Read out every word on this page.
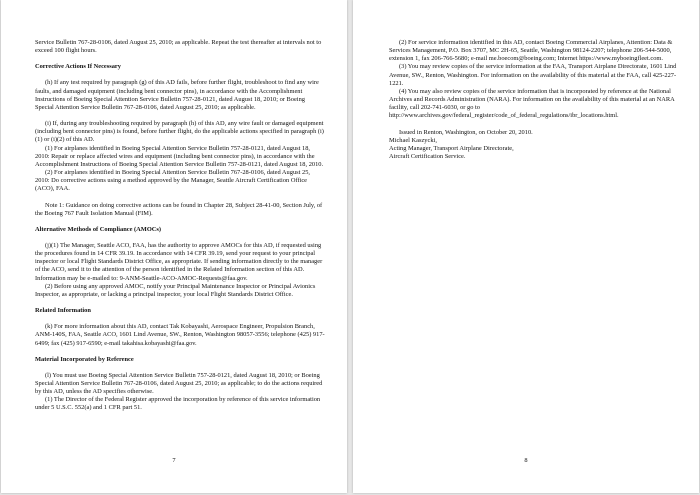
Service Bulletin 767-28-0106, dated August 25, 2010; as applicable. Repeat the test thereafter at intervals not to exceed 100 flight hours.

Corrective Actions If Necessary

(h) If any test required by paragraph (g) of this AD fails, before further flight, troubleshoot to find any wire faults, and damaged equipment (including bent connector pins), in accordance with the Accomplishment Instructions of Boeing Special Attention Service Bulletin 757-28-0121, dated August 18, 2010; or Boeing Special Attention Service Bulletin 767-28-0106, dated August 25, 2010; as applicable.

(i) If, during any troubleshooting required by paragraph (h) of this AD, any wire fault or damaged equipment (including bent connector pins) is found, before further flight, do the applicable actions specified in paragraph (i)(1) or (i)(2) of this AD.

(1) For airplanes identified in Boeing Special Attention Service Bulletin 757-28-0121, dated August 18, 2010: Repair or replace affected wires and equipment (including bent connector pins), in accordance with the Accomplishment Instructions of Boeing Special Attention Service Bulletin 757-28-0121, dated August 18, 2010.

(2) For airplanes identified in Boeing Special Attention Service Bulletin 767-28-0106, dated August 25, 2010: Do corrective actions using a method approved by the Manager, Seattle Aircraft Certification Office (ACO), FAA.

Note 1: Guidance on doing corrective actions can be found in Chapter 28, Subject 28-41-00, Section July, of the Boeing 767 Fault Isolation Manual (FIM).

Alternative Methods of Compliance (AMOCs)

(j)(1) The Manager, Seattle ACO, FAA, has the authority to approve AMOCs for this AD, if requested using the procedures found in 14 CFR 39.19. In accordance with 14 CFR 39.19, send your request to your principal inspector or local Flight Standards District Office, as appropriate. If sending information directly to the manager of the ACO, send it to the attention of the person identified in the Related Information section of this AD. Information may be e-mailed to: 9-ANM-Seattle-ACO-AMOC-Requests@faa.gov.

(2) Before using any approved AMOC, notify your Principal Maintenance Inspector or Principal Avionics Inspector, as appropriate, or lacking a principal inspector, your local Flight Standards District Office.

Related Information

(k) For more information about this AD, contact Tak Kobayashi, Aerospace Engineer, Propulsion Branch, ANM-140S, FAA, Seattle ACO, 1601 Lind Avenue, SW., Renton, Washington 98057-3556; telephone (425) 917-6499; fax (425) 917-6590; e-mail takahisa.kobayashi@faa.gov.

Material Incorporated by Reference

(l) You must use Boeing Special Attention Service Bulletin 757-28-0121, dated August 18, 2010; or Boeing Special Attention Service Bulletin 767-28-0106, dated August 25, 2010; as applicable; to do the actions required by this AD, unless the AD specifies otherwise.

(1) The Director of the Federal Register approved the incorporation by reference of this service information under 5 U.S.C. 552(a) and 1 CFR part 51.

7

(2) For service information identified in this AD, contact Boeing Commercial Airplanes, Attention: Data & Services Management, P.O. Box 3707, MC 2H-65, Seattle, Washington 98124-2207; telephone 206-544-5000, extension 1, fax 206-766-5680; e-mail me.boecom@boeing.com; Internet https://www.myboeingfleet.com.

(3) You may review copies of the service information at the FAA, Transport Airplane Directorate, 1601 Lind Avenue, SW., Renton, Washington. For information on the availability of this material at the FAA, call 425-227-1221.

(4) You may also review copies of the service information that is incorporated by reference at the National Archives and Records Administration (NARA). For information on the availability of this material at an NARA facility, call 202-741-6030, or go to http://www.archives.gov/federal_register/code_of_federal_regulations/ibr_locations.html.

Issued in Renton, Washington, on October 20, 2010.

Michael Kaszycki,

Acting Manager, Transport Airplane Directorate,

Aircraft Certification Service.

8
